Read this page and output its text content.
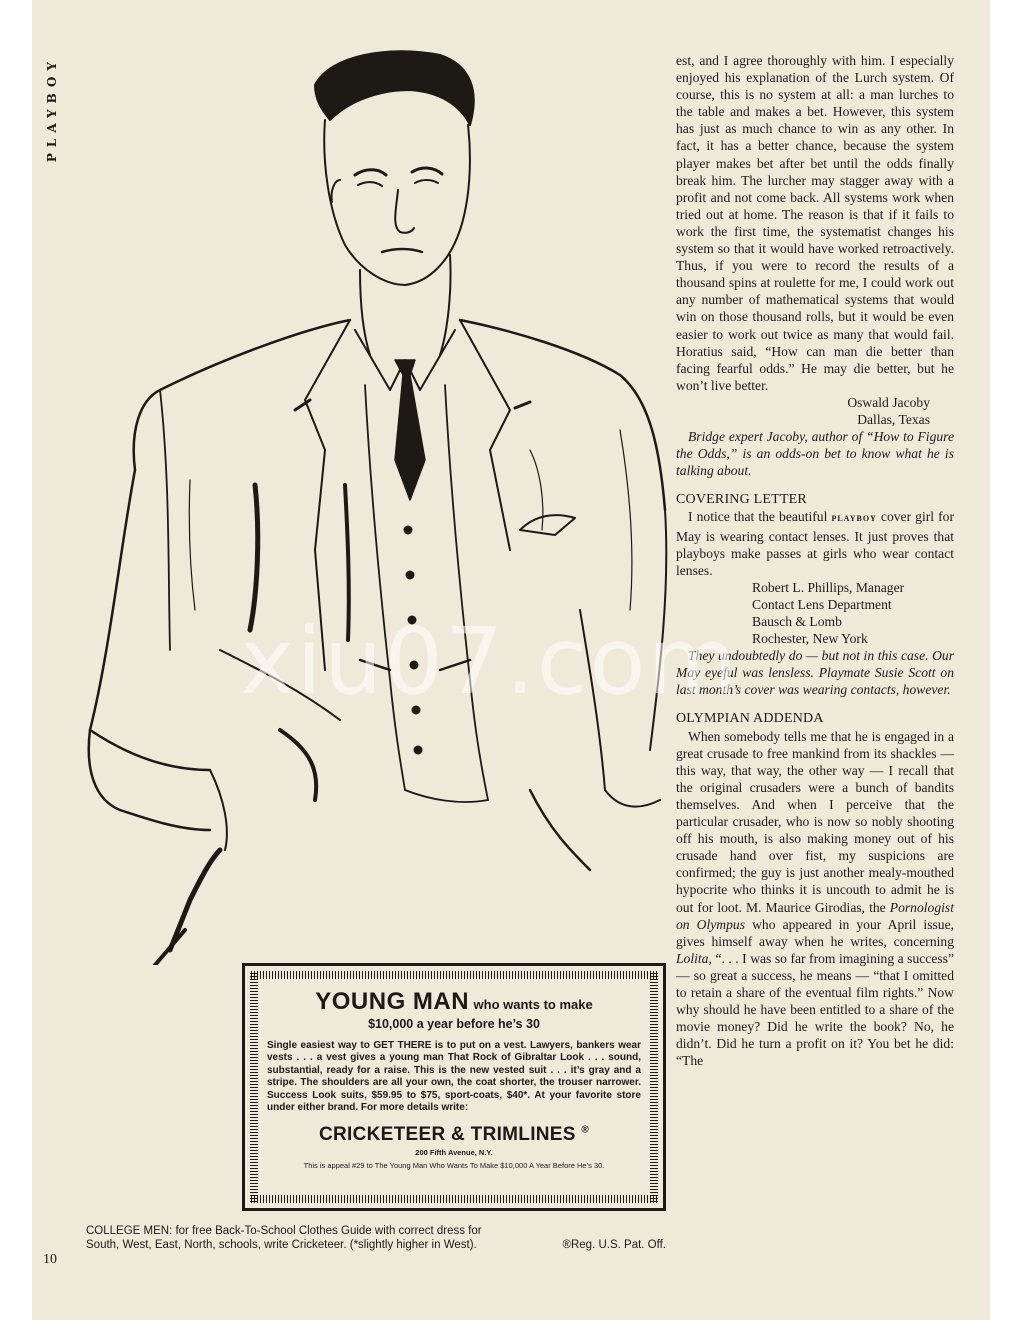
PLAYBOY	est, and I agree thoroughly with him. I especially enjoyed his explanation of the Lurch system. Of course, this is no system at all: a man lurches to the table and makes a bet. However, this system has just as much chance to win as any other. In fact, it has a better chance, because the system player makes bet after bet until the odds finally break him. The lurcher may stagger away with a profit and not come back. All systems work when tried out at home. The reason is that if it fails to work the first time, the systematist changes his system so that it would have worked retroactively. Thus, if you were to record the results of a thousand spins at roulette for me, I could work out any number of mathematical systems that would win on those thousand rolls, but it would be even easier to work out twice as many that would fail. Horatius said, “How can man die better than facing fearful odds.” He may die better, but he won’t live better.

Oswald Jacoby

Dallas, Texas

Bridge expert Jacoby, author of “How to Figure the Odds,” is an odds-on bet to know what he is talking about.

COVERING LETTER

I notice that the beautiful playboy cover girl for May is wearing contact lenses. It just proves that playboys make passes at girls who wear contact lenses.

Robert L. Phillips, Manager

Contact Lens Department

Bausch & Lomb

Rochester, New York

They undoubtedly do — but not in this case. Our May eyeful was lensless. Playmate Susie Scott on last month’s cover was wearing contacts, however.

OLYMPIAN ADDENDA

When somebody tells me that he is engaged in a great crusade to free mankind from its shackles — this way, that way, the other way — I recall that the original crusaders were a bunch of bandits themselves. And when I perceive that the particular crusader, who is now so nobly shooting off his mouth, is also making money out of his crusade hand over fist, my suspicions are confirmed; the guy is just another mealy-mouthed hypocrite who thinks it is uncouth to admit he is out for loot. M. Maurice Girodias, the Pornologist on Olympus who appeared in your April issue, gives himself away when he writes, concerning Lolita, “. . . I was so far from imagining a success” — so great a success, he means — “that I omitted to retain a share of the eventual film rights.” Now why should he have been entitled to a share of the movie money? Did he write the book? No, he didn’t. Did he turn a profit on it? You bet he did: “The

YOUNG MAN who wants to make
$10,000 a year before he’s 30
Single easiest way to GET THERE is to put on a vest. Lawyers, bankers wear vests . . . a vest gives a young man That Rock of Gibraltar Look . . . sound, substantial, ready for a raise. This is the new vested suit . . . it’s gray and a stripe. The shoulders are all your own, the coat shorter, the trouser narrower. Success Look suits, $59.95 to $75, sport-coats, $40*. At your favorite store under either brand. For more details write:
CRICKETEER & TRIMLINES ®
200 Fifth Avenue, N.Y.
This is appeal #29 to The Young Man Who Wants To Make $10,000 A Year Before He’s 30.
COLLEGE MEN: for free Back-To-School Clothes Guide with correct dress for South, West, East, North, schools, write Cricketeer. (*slightly higher in West).	®Reg. U.S. Pat. Off.
10
xiu07.com
